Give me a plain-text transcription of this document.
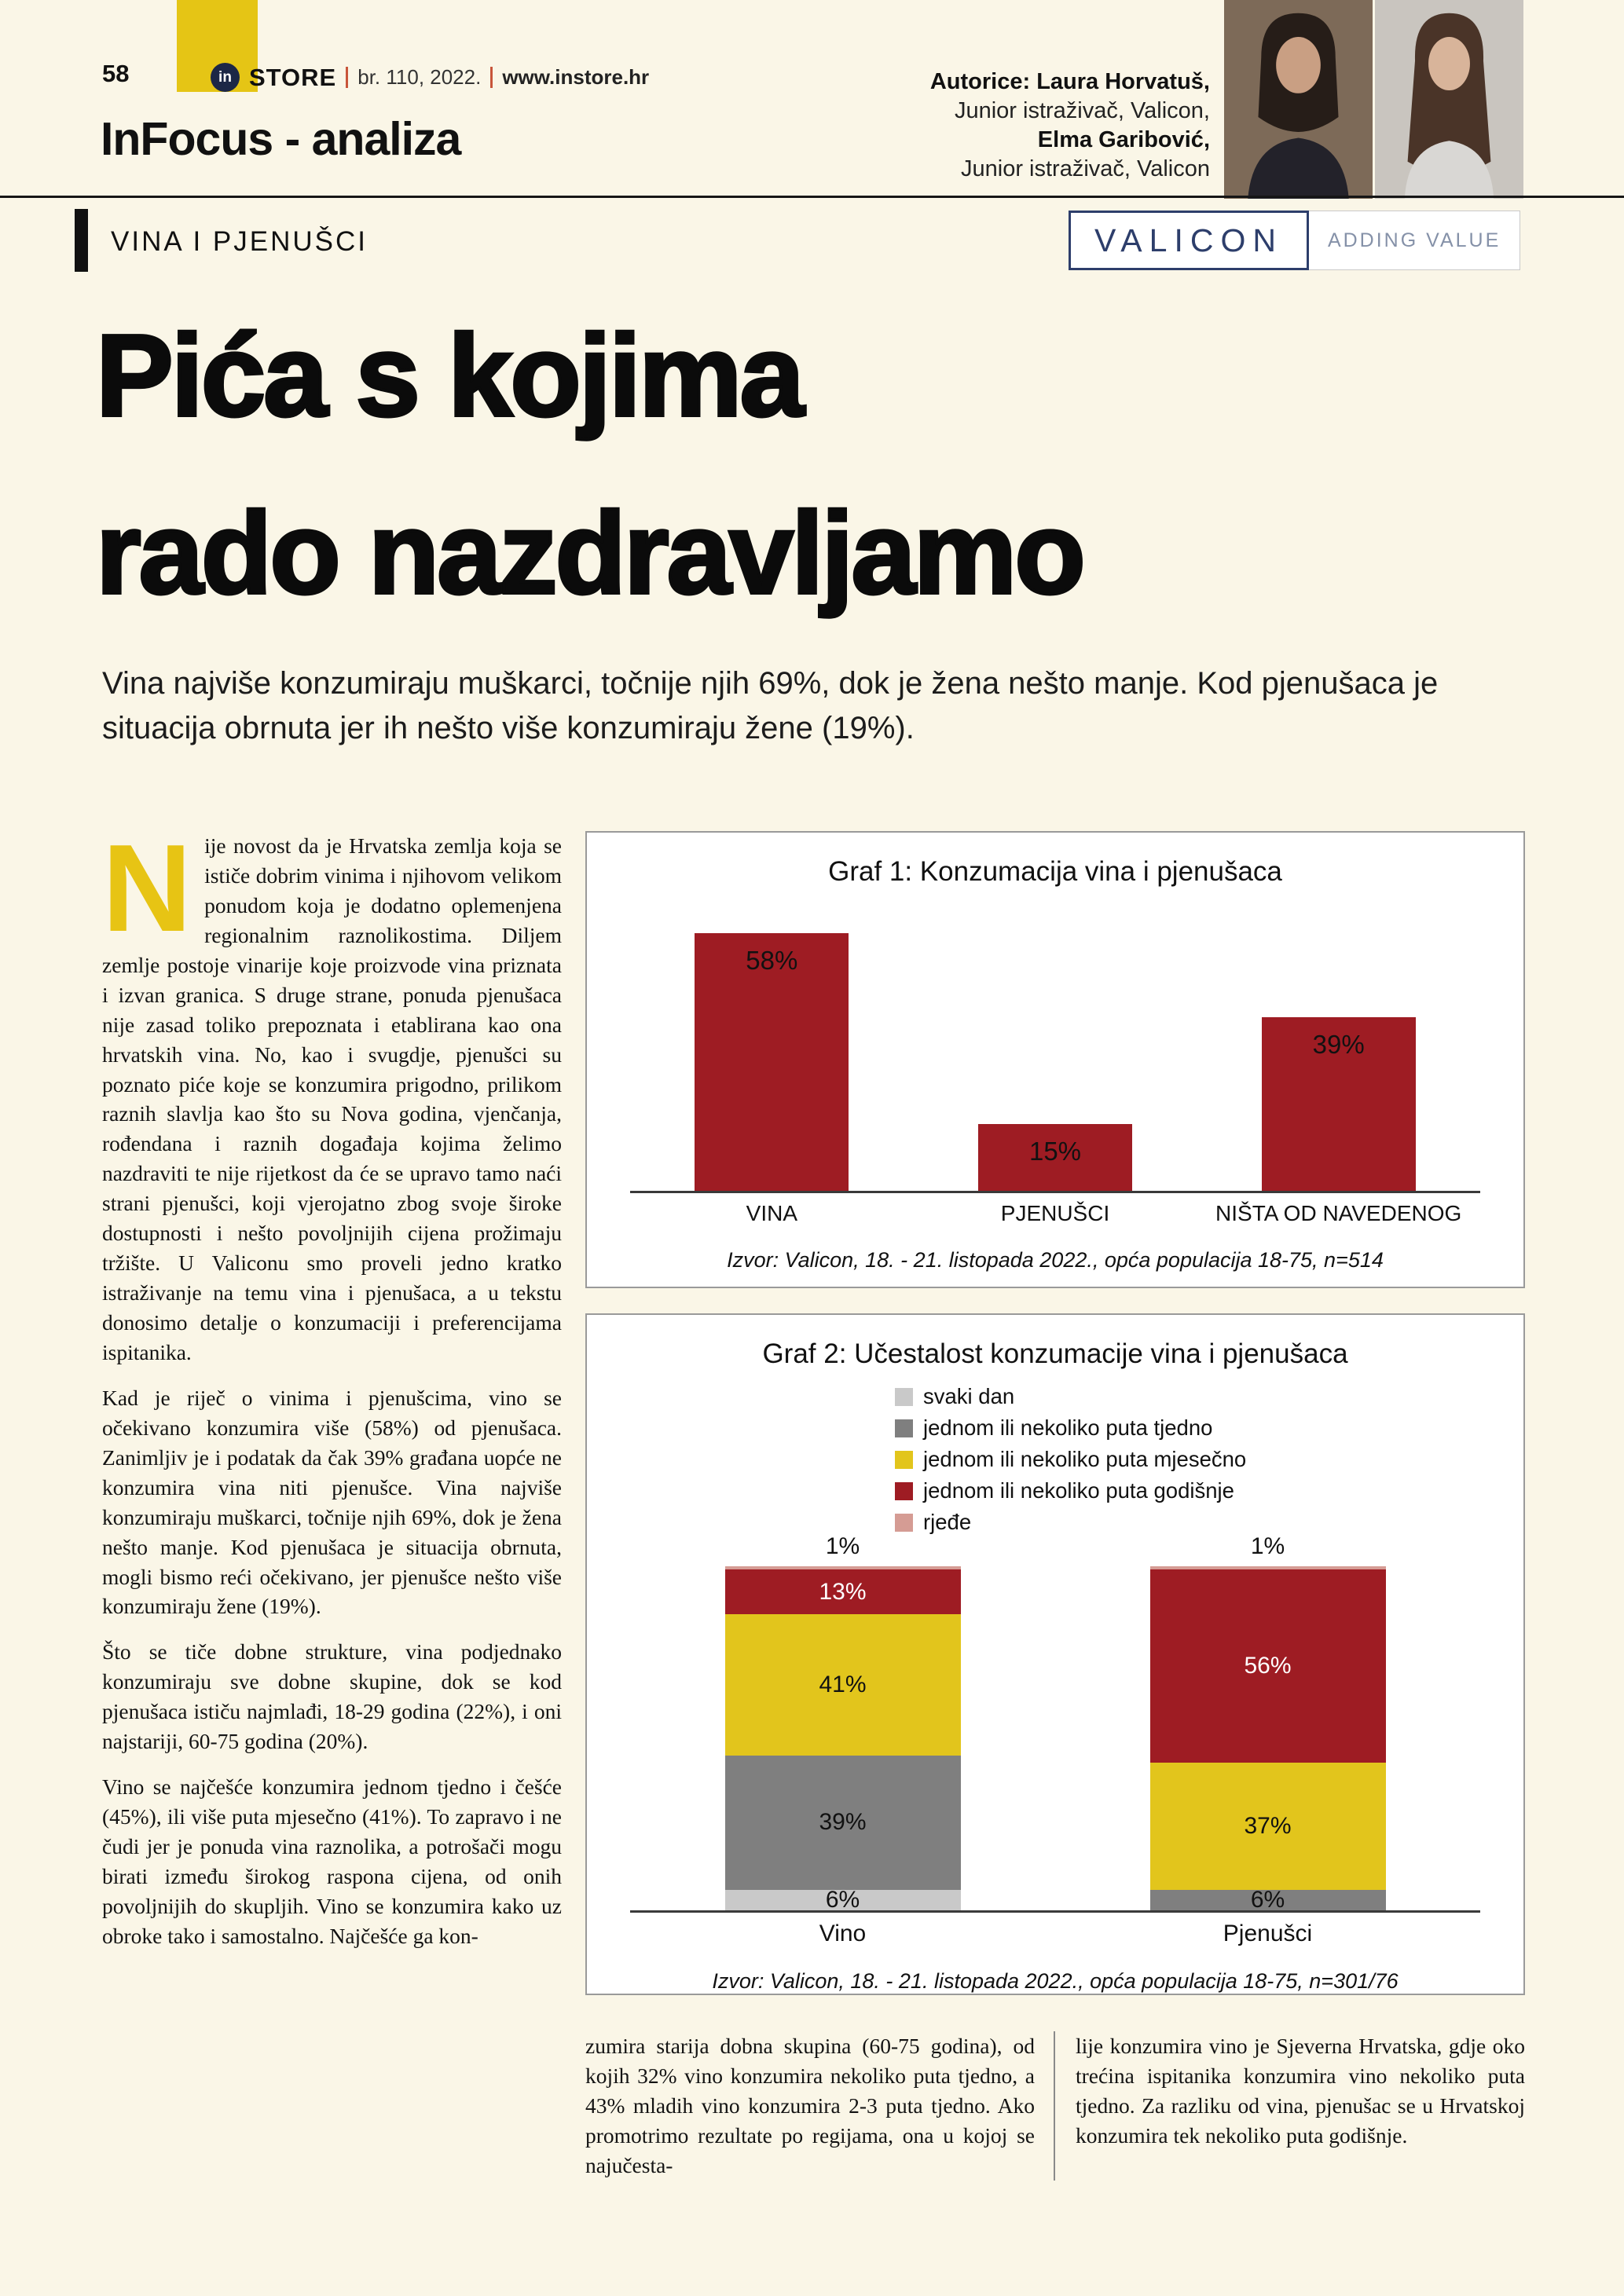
58	in STORE br. 110, 2022. www.instore.hr	Autorice: Laura Horvatuš,
Junior istraživač, Valicon,
Elma Garibović,
Junior istraživač, Valicon
InFocus - analiza
VINA I PJENUŠCI	VALICON	ADDING VALUE
Pića s kojima
rado nazdravljamo
Vina najviše konzumiraju muškarci, točnije njih 69%, dok je žena nešto manje. Kod pjenušaca je situacija obrnuta jer ih nešto više konzumiraju žene (19%).

Nije novost da je Hrvatska zemlja koja se ističe dobrim vinima i njihovom velikom ponudom koja je dodatno oplemenjena regionalnim raznolikostima. Diljem zemlje postoje vinarije koje proizvode vina priznata i izvan granica. S druge strane, ponuda pjenušaca nije zasad toliko prepoznata i etablirana kao ona hrvatskih vina. No, kao i svugdje, pjenušci su poznato piće koje se konzumira prigodno, prilikom raznih slavlja kao što su Nova godina, vjenčanja, rođendana i raznih događaja kojima želimo nazdraviti te nije rijetkost da će se upravo tamo naći strani pjenušci, koji vjerojatno zbog svoje široke dostupnosti i nešto povoljnijih cijena prožimaju tržište. U Valiconu smo proveli jedno kratko istraživanje na temu vina i pjenušaca, a u tekstu donosimo detalje o konzumaciji i preferencijama ispitanika.

Kad je riječ o vinima i pjenušcima, vino se očekivano konzumira više (58%) od pjenušaca. Zanimljiv je i podatak da čak 39% građana uopće ne konzumira vina niti pjenušce. Vina najviše konzumiraju muškarci, točnije njih 69%, dok je žena nešto manje. Kod pjenušaca je situacija obrnuta, mogli bismo reći očekivano, jer pjenušce nešto više konzumiraju žene (19%).

Što se tiče dobne strukture, vina podjednako konzumiraju sve dobne skupine, dok se kod pjenušaca ističu najmlađi, 18-29 godina (22%), i oni najstariji, 60-75 godina (20%).

Vino se najčešće konzumira jednom tjedno i češće (45%), ili više puta mjesečno (41%). To zapravo i ne čudi jer je ponuda vina raznolika, a potrošači mogu birati između širokog raspona cijena, od onih povoljnijih do skupljih. Vino se konzumira kako uz obroke tako i samostalno. Najčešće ga kon-

Graf 1: Konzumacija vina i pjenušaca
58%
15%
39%
VINA	PJENUŠCI	NIŠTA OD NAVEDENOG

Izvor: Valicon, 18. - 21. listopada 2022., opća populacija 18-75, n=514

Graf 2: Učestalost konzumacije vina i pjenušaca
svaki dan
jednom ili nekoliko puta tjedno
jednom ili nekoliko puta mjesečno
jednom ili nekoliko puta godišnje
rjeđe
6%
39%
41%
13%
1%
6%
37%
56%
1%
Vino	Pjenušci

Izvor: Valicon, 18. - 21. listopada 2022., opća populacija 18-75, n=301/76

zumira starija dobna skupina (60-75 godina), od kojih 32% vino konzumira nekoliko puta tjedno, a 43% mladih vino konzumira 2-3 puta tjedno. Ako promotrimo rezultate po regijama, ona u kojoj se najučesta-
lije konzumira vino je Sjeverna Hrvatska, gdje oko trećina ispitanika konzumira vino nekoliko puta tjedno. Za razliku od vina, pjenušac se u Hrvatskoj konzumira tek nekoliko puta godišnje.
